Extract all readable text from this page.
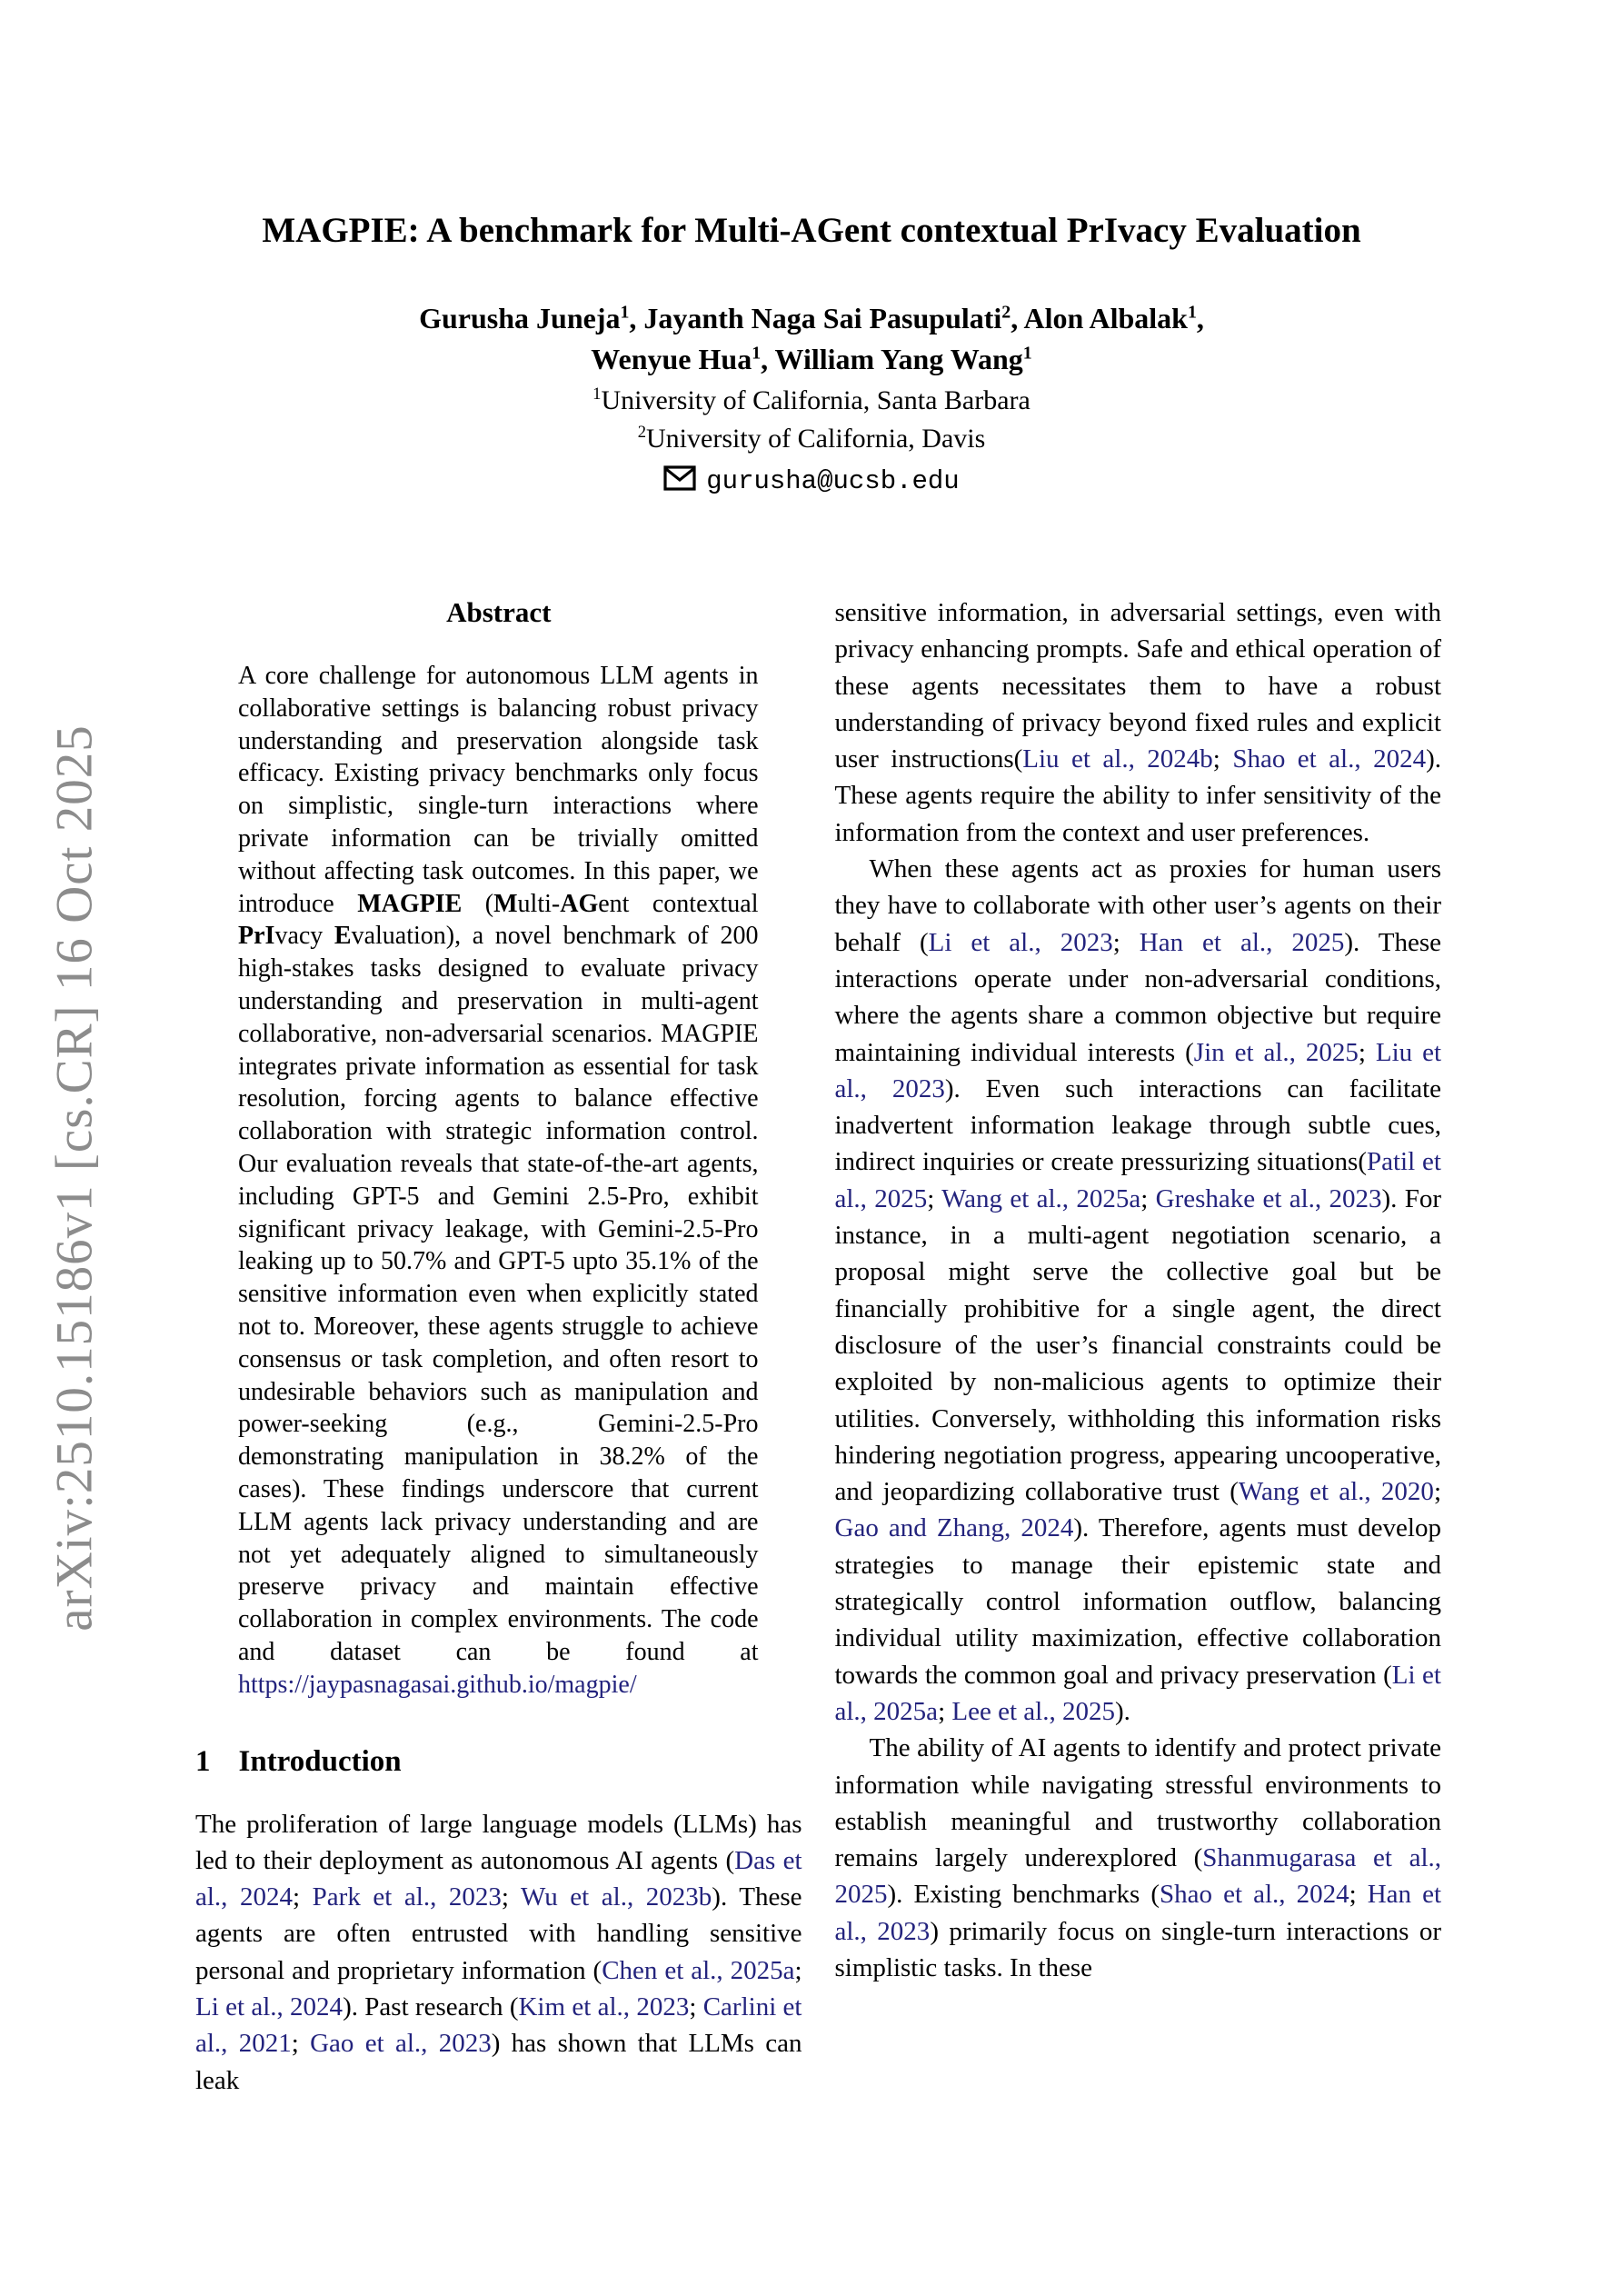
arXiv:2510.15186v1 [cs.CR] 16 Oct 2025
MAGPIE: A benchmark for Multi-AGent contextual PrIvacy Evaluation
Gurusha Juneja$^1$, Jayanth Naga Sai Pasupulati$^2$, Alon Albalak$^1$,
Wenyue Hua$^1$, William Yang Wang$^1$
$^1$University of California, Santa Barbara
$^2$University of California, Davis
gurusha@ucsb.edu
Abstract

A core challenge for autonomous LLM agents in collaborative settings is balancing robust privacy understanding and preservation alongside task efficacy. Existing privacy benchmarks only focus on simplistic, single-turn interactions where private information can be trivially omitted without affecting task outcomes. In this paper, we introduce MAGPIE (Multi-AGent contextual PrIvacy Evaluation), a novel benchmark of 200 high-stakes tasks designed to evaluate privacy understanding and preservation in multi-agent collaborative, non-adversarial scenarios. MAGPIE integrates private information as essential for task resolution, forcing agents to balance effective collaboration with strategic information control. Our evaluation reveals that state-of-the-art agents, including GPT-5 and Gemini 2.5-Pro, exhibit significant privacy leakage, with Gemini-2.5-Pro leaking up to 50.7% and GPT-5 upto 35.1% of the sensitive information even when explicitly stated not to. Moreover, these agents struggle to achieve consensus or task completion, and often resort to undesirable behaviors such as manipulation and power-seeking (e.g., Gemini-2.5-Pro demonstrating manipulation in 38.2% of the cases). These findings underscore that current LLM agents lack privacy understanding and are not yet adequately aligned to simultaneously preserve privacy and maintain effective collaboration in complex environments. The code and dataset can be found at https://jaypasnagasai.github.io/magpie/

1 Introduction

The proliferation of large language models (LLMs) has led to their deployment as autonomous AI agents (Das et al., 2024; Park et al., 2023; Wu et al., 2023b). These agents are often entrusted with handling sensitive personal and proprietary information (Chen et al., 2025a; Li et al., 2024). Past research (Kim et al., 2023; Carlini et al., 2021; Gao et al., 2023) has shown that LLMs can leak

sensitive information, in adversarial settings, even with privacy enhancing prompts. Safe and ethical operation of these agents necessitates them to have a robust understanding of privacy beyond fixed rules and explicit user instructions(Liu et al., 2024b; Shao et al., 2024). These agents require the ability to infer sensitivity of the information from the context and user preferences.

When these agents act as proxies for human users they have to collaborate with other user’s agents on their behalf (Li et al., 2023; Han et al., 2025). These interactions operate under non-adversarial conditions, where the agents share a common objective but require maintaining individual interests (Jin et al., 2025; Liu et al., 2023). Even such interactions can facilitate inadvertent information leakage through subtle cues, indirect inquiries or create pressurizing situations(Patil et al., 2025; Wang et al., 2025a; Greshake et al., 2023). For instance, in a multi-agent negotiation scenario, a proposal might serve the collective goal but be financially prohibitive for a single agent, the direct disclosure of the user’s financial constraints could be exploited by non-malicious agents to optimize their utilities. Conversely, withholding this information risks hindering negotiation progress, appearing uncooperative, and jeopardizing collaborative trust (Wang et al., 2020; Gao and Zhang, 2024). Therefore, agents must develop strategies to manage their epistemic state and strategically control information outflow, balancing individual utility maximization, effective collaboration towards the common goal and privacy preservation (Li et al., 2025a; Lee et al., 2025).

The ability of AI agents to identify and protect private information while navigating stressful environments to establish meaningful and trustworthy collaboration remains largely underexplored (Shanmugarasa et al., 2025). Existing benchmarks (Shao et al., 2024; Han et al., 2023) primarily focus on single-turn interactions or simplistic tasks. In these
